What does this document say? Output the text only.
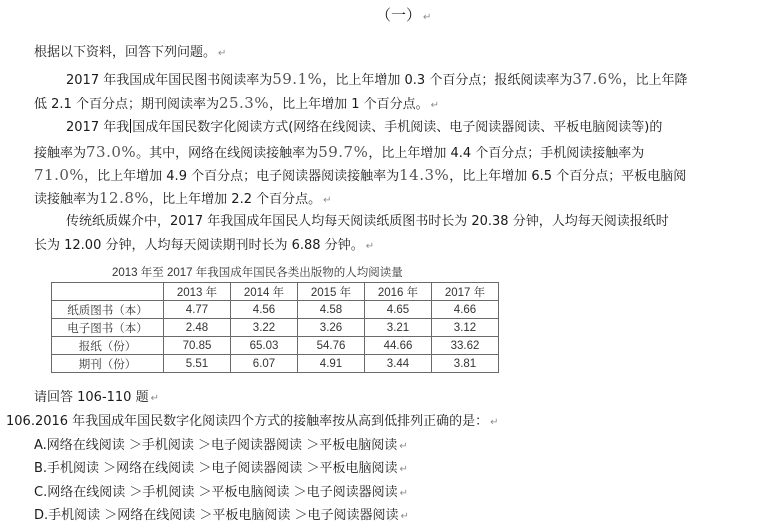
（一） ↵
根据以下资料，回答下列问题。 ↵
2017 年我国成年国民图书阅读率为59.1%，比上年增加 0.3 个百分点；报纸阅读率为37.6%，比上年降
低 2.1 个百分点；期刊阅读率为25.3%，比上年增加 1 个百分点。 ↵
2017 年我 国成年国民数字化阅读方式(网络在线阅读、手机阅读、电子阅读器阅读、平板电脑阅读等)的
接触率为73.0%。其中，网络在线阅读接触率为59.7%，比上年增加 4.4 个百分点；手机阅读接触率为
71.0%，比上年增加 4.9 个百分点；电子阅读器阅读接触率为14.3%，比上年增加 6.5 个百分点；平板电脑阅
读接触率为12.8%，比上年增加 2.2 个百分点。 ↵
传统纸质媒介中，2017 年我国成年国民人均每天阅读纸质图书时长为 20.38 分钟，人均每天阅读报纸时
长为 12.00 分钟，人均每天阅读期刊时长为 6.88 分钟。 ↵
2013 年至 2017 年我国成年国民各类出版物的人均阅读量
	2013 年	2014 年	2015 年	2016 年	2017 年
纸质图书（本）	4.77	4.56	4.58	4.65	4.66
电子图书（本）	2.48	3.22	3.26	3.21	3.12
报纸（份）	70.85	65.03	54.76	44.66	33.62
期刊（份）	5.51	6.07	4.91	3.44	3.81
请回答 106-110 题 ↵
106.2016 年我国成年国民数字化阅读四个方式的接触率按从高到低排列正确的是： ↵
A.网络在线阅读 ＞手机阅读 ＞电子阅读器阅读 ＞平板电脑阅读 ↵
B.手机阅读 ＞网络在线阅读 ＞电子阅读器阅读 ＞平板电脑阅读 ↵
C.网络在线阅读 ＞手机阅读 ＞平板电脑阅读 ＞电子阅读器阅读 ↵
D.手机阅读 ＞网络在线阅读 ＞平板电脑阅读 ＞电子阅读器阅读 ↵
